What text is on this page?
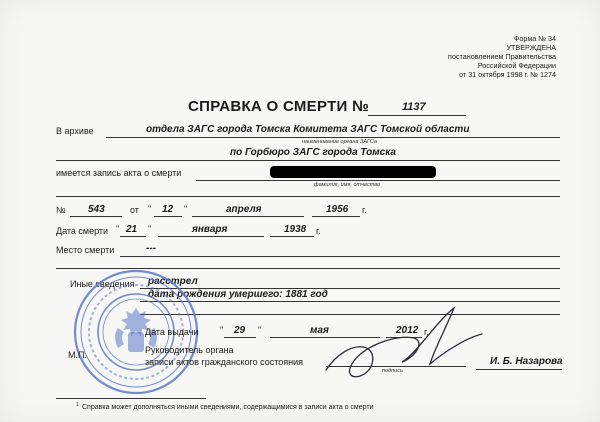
Форма № 34
УТВЕРЖДЕНА
постановлением Правительства
Российской Федерации
от 31 октября 1998 г. № 1274
СПРАВКА О СМЕРТИ №	1137
В архиве	отдела ЗАГС города Томска Комитета ЗАГС Томской области
наименование органа ЗАГСа
по Горбюро ЗАГС города Томска
имеется запись акта о смерти
фамилия, имя, отчество
№ 543	от " 12 "	апреля	1956 г.
Дата смерти " 21 "	января	1938 г.
Место смерти	---
Иные сведения расстрел
дата рождения умершего: 1881 год
Дата выдачи " 29 "	мая	2012 г.
М.П.	Руководитель органа
записи актов гражданского состояния
подпись
И. Б. Назарова
1 Справка может дополняться иными сведениями, содержащимися в записи акта о смерти
